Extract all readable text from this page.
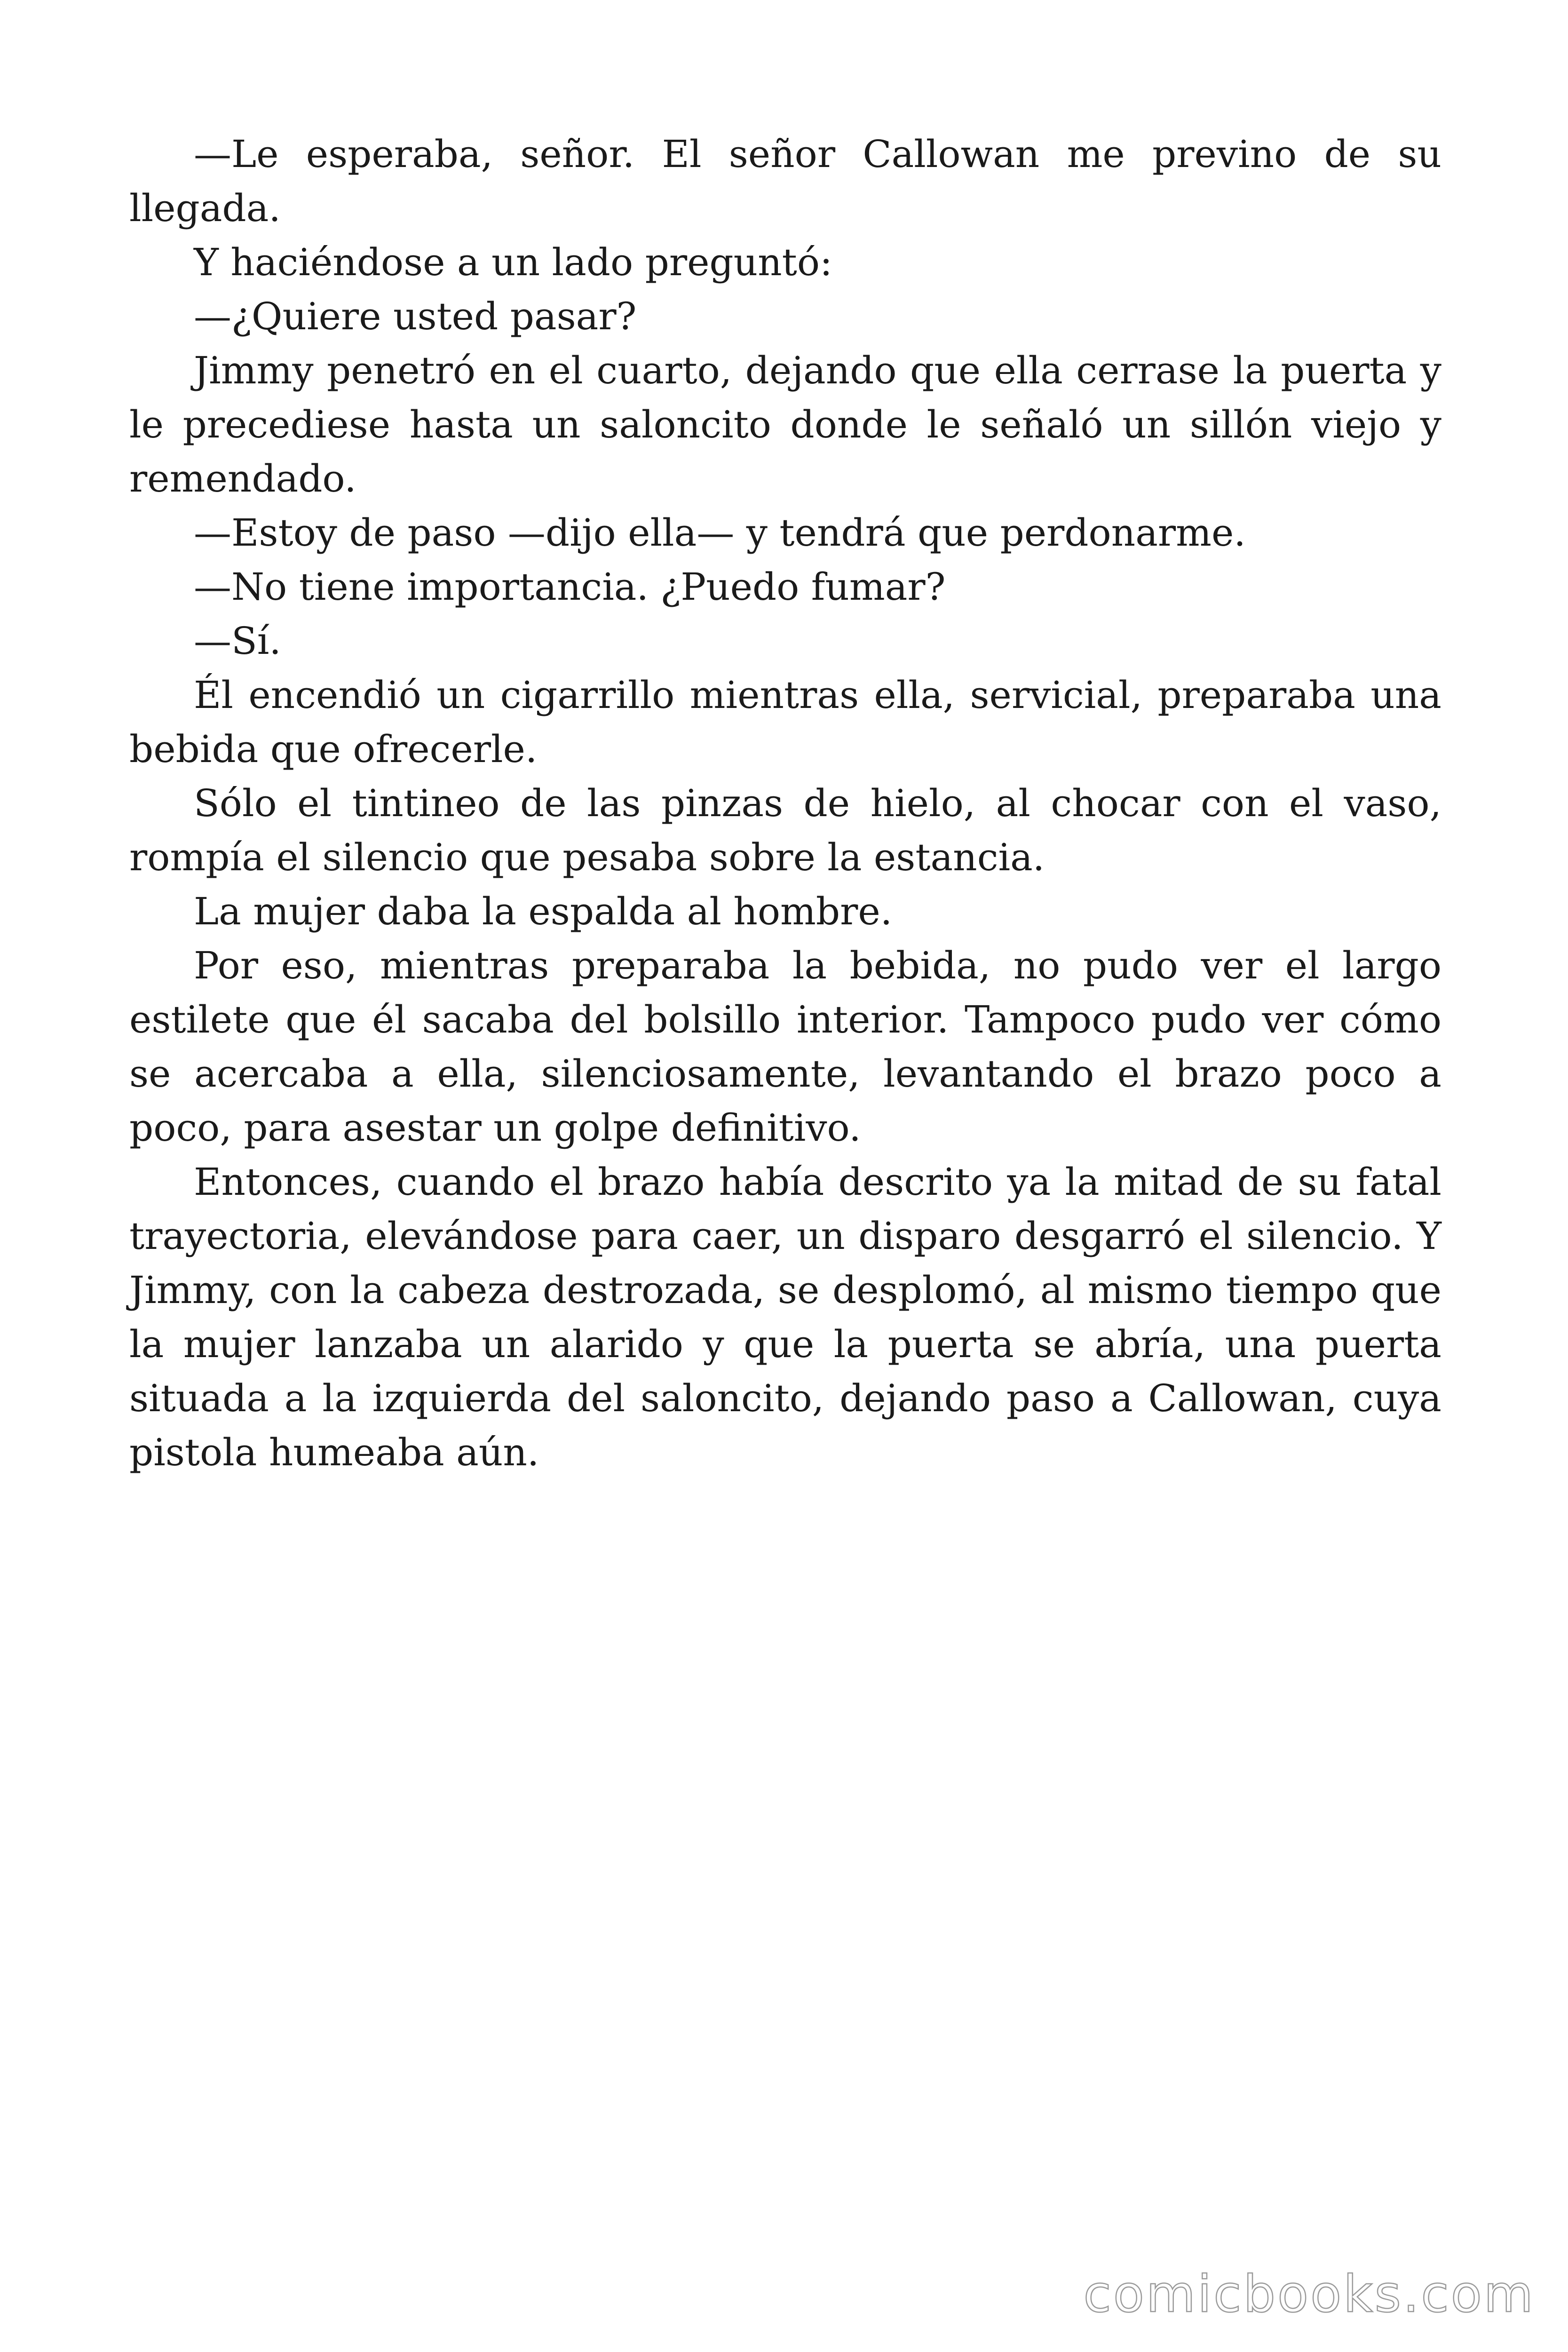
—Le esperaba, señor. El señor Callowan me previno de su llegada.

Y haciéndose a un lado preguntó:

—¿Quiere usted pasar?

Jimmy penetró en el cuarto, dejando que ella cerrase la puerta y le precediese hasta un saloncito donde le señaló un sillón viejo y remendado.

—Estoy de paso —dijo ella— y tendrá que perdonarme.

—No tiene importancia. ¿Puedo fumar?

—Sí.

Él encendió un cigarrillo mientras ella, servicial, preparaba una bebida que ofrecerle.

Sólo el tintineo de las pinzas de hielo, al chocar con el vaso, rompía el silencio que pesaba sobre la estancia.

La mujer daba la espalda al hombre.

Por eso, mientras preparaba la bebida, no pudo ver el largo estilete que él sacaba del bolsillo interior. Tampoco pudo ver cómo se acercaba a ella, silenciosamente, levantando el brazo poco a poco, para asestar un golpe definitivo.

Entonces, cuando el brazo había descrito ya la mitad de su fatal trayectoria, elevándose para caer, un disparo desgarró el silencio. Y Jimmy, con la cabeza destrozada, se desplomó, al mismo tiempo que la mujer lanzaba un alarido y que la puerta se abría, una puerta situada a la izquierda del saloncito, dejando paso a Callowan, cuya pistola humeaba aún.

comicbooks.com
